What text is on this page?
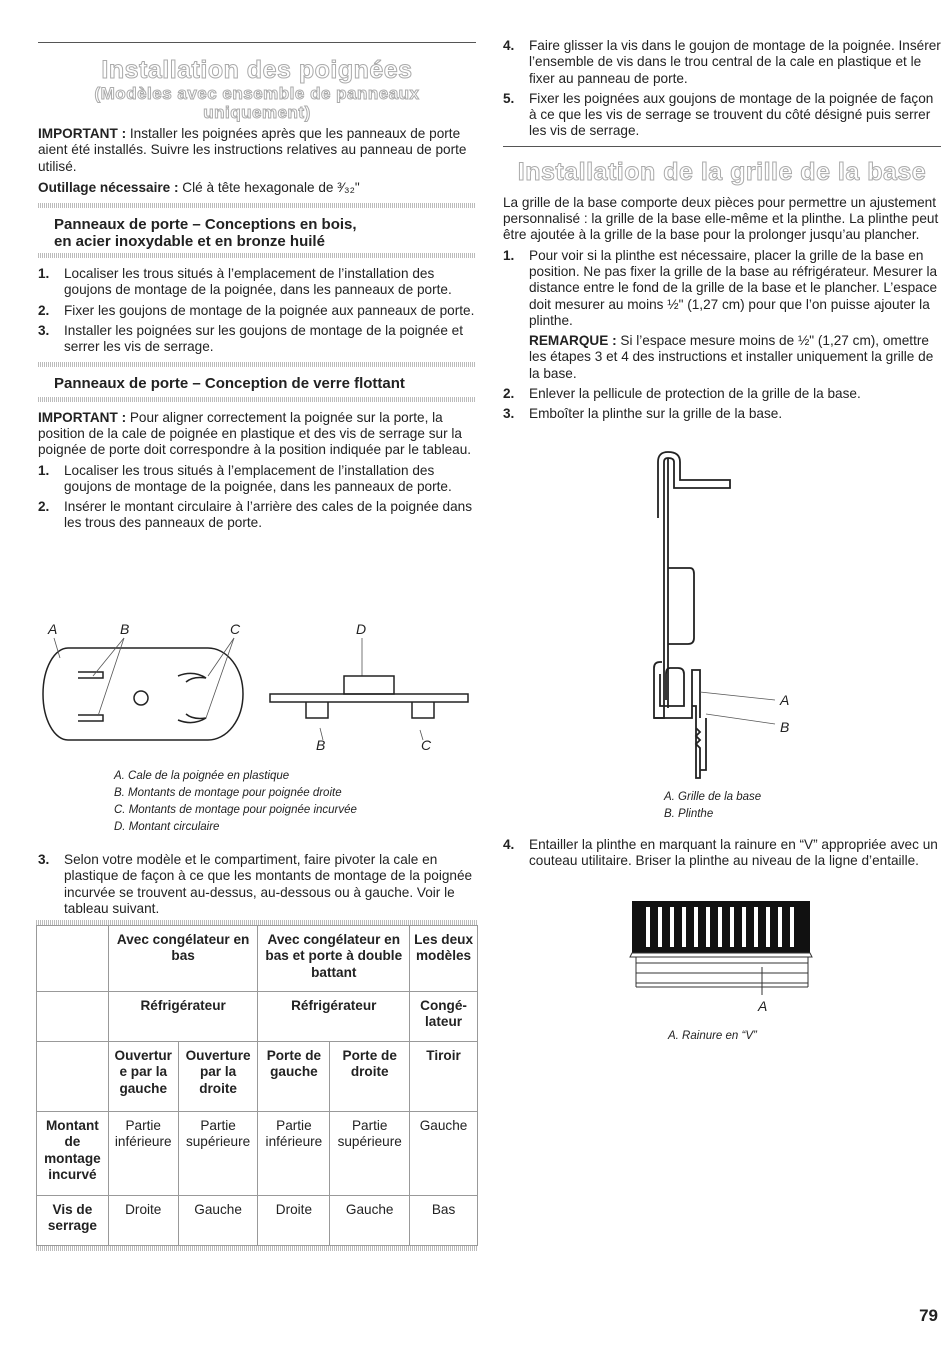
Installation des poignées
(Modèles avec ensemble de panneaux
uniquement)

IMPORTANT : Installer les poignées après que les panneaux de porte aient été installés. Suivre les instructions relatives au panneau de porte utilisé.

Outillage nécessaire : Clé à tête hexagonale de ³⁄₃₂"

Panneaux de porte – Conceptions en bois,
en acier inoxydable et en bronze huilé
1. Localiser les trous situés à l’emplacement de l’installation des goujons de montage de la poignée, dans les panneaux de porte.
2. Fixer les goujons de montage de la poignée aux panneaux de porte.
3. Installer les poignées sur les goujons de montage de la poignée et serrer les vis de serrage.
Panneaux de porte – Conception de verre flottant

IMPORTANT : Pour aligner correctement la poignée sur la porte, la position de la cale de poignée en plastique et des vis de serrage sur la poignée de porte doit correspondre à la position indiquée par le tableau.

1. Localiser les trous situés à l’emplacement de l’installation des goujons de montage de la poignée, dans les panneaux de porte.
2. Insérer le montant circulaire à l’arrière des cales de la poignée dans les trous des panneaux de porte.
A	B	C	D
B	C
A. Cale de la poignée en plastique
B. Montants de montage pour poignée droite
C. Montants de montage pour poignée incurvée
D. Montant circulaire
3. Selon votre modèle et le compartiment, faire pivoter la cale en plastique de façon à ce que les montants de montage de la poignée incurvée se trouvent au-dessus, au-dessous ou à gauche. Voir le tableau suivant.
	Avec congélateur en bas		Avec congélateur en bas et porte à double battant		Les deux modèles
	Réfrigérateur		Réfrigérateur		Congé-lateur
	Ouvertur e par la gauche	Ouverture par la droite	Porte de gauche	Porte de droite	Tiroir
Montant de montage incurvé	Partie inférieure	Partie supérieure	Partie inférieure	Partie supérieure	Gauche
Vis de serrage	Droite	Gauche	Droite	Gauche	Bas
4. Faire glisser la vis dans le goujon de montage de la poignée. Insérer l’ensemble de vis dans le trou central de la cale en plastique et le fixer au panneau de porte.
5. Fixer les poignées aux goujons de montage de la poignée de façon à ce que les vis de serrage se trouvent du côté désigné puis serrer les vis de serrage.
Installation de la grille de la base

La grille de la base comporte deux pièces pour permettre un ajustement personnalisé : la grille de la base elle-même et la plinthe. La plinthe peut être ajoutée à la grille de la base pour la prolonger jusqu’au plancher.

1. Pour voir si la plinthe est nécessaire, placer la grille de la base en position. Ne pas fixer la grille de la base au réfrigérateur. Mesurer la distance entre le fond de la grille de la base et le plancher. L’espace doit mesurer au moins ½" (1,27 cm) pour que l’on puisse ajouter la plinthe.

REMARQUE : Si l’espace mesure moins de ½" (1,27 cm), omettre les étapes 3 et 4 des instructions et installer uniquement la grille de la base.

2. Enlever la pellicule de protection de la grille de la base.
3. Emboîter la plinthe sur la grille de la base.
A
B
A. Grille de la base
B. Plinthe
4. Entailler la plinthe en marquant la rainure en “V” appropriée avec un couteau utilitaire. Briser la plinthe au niveau de la ligne d’entaille.
A
A. Rainure en “V”
79
